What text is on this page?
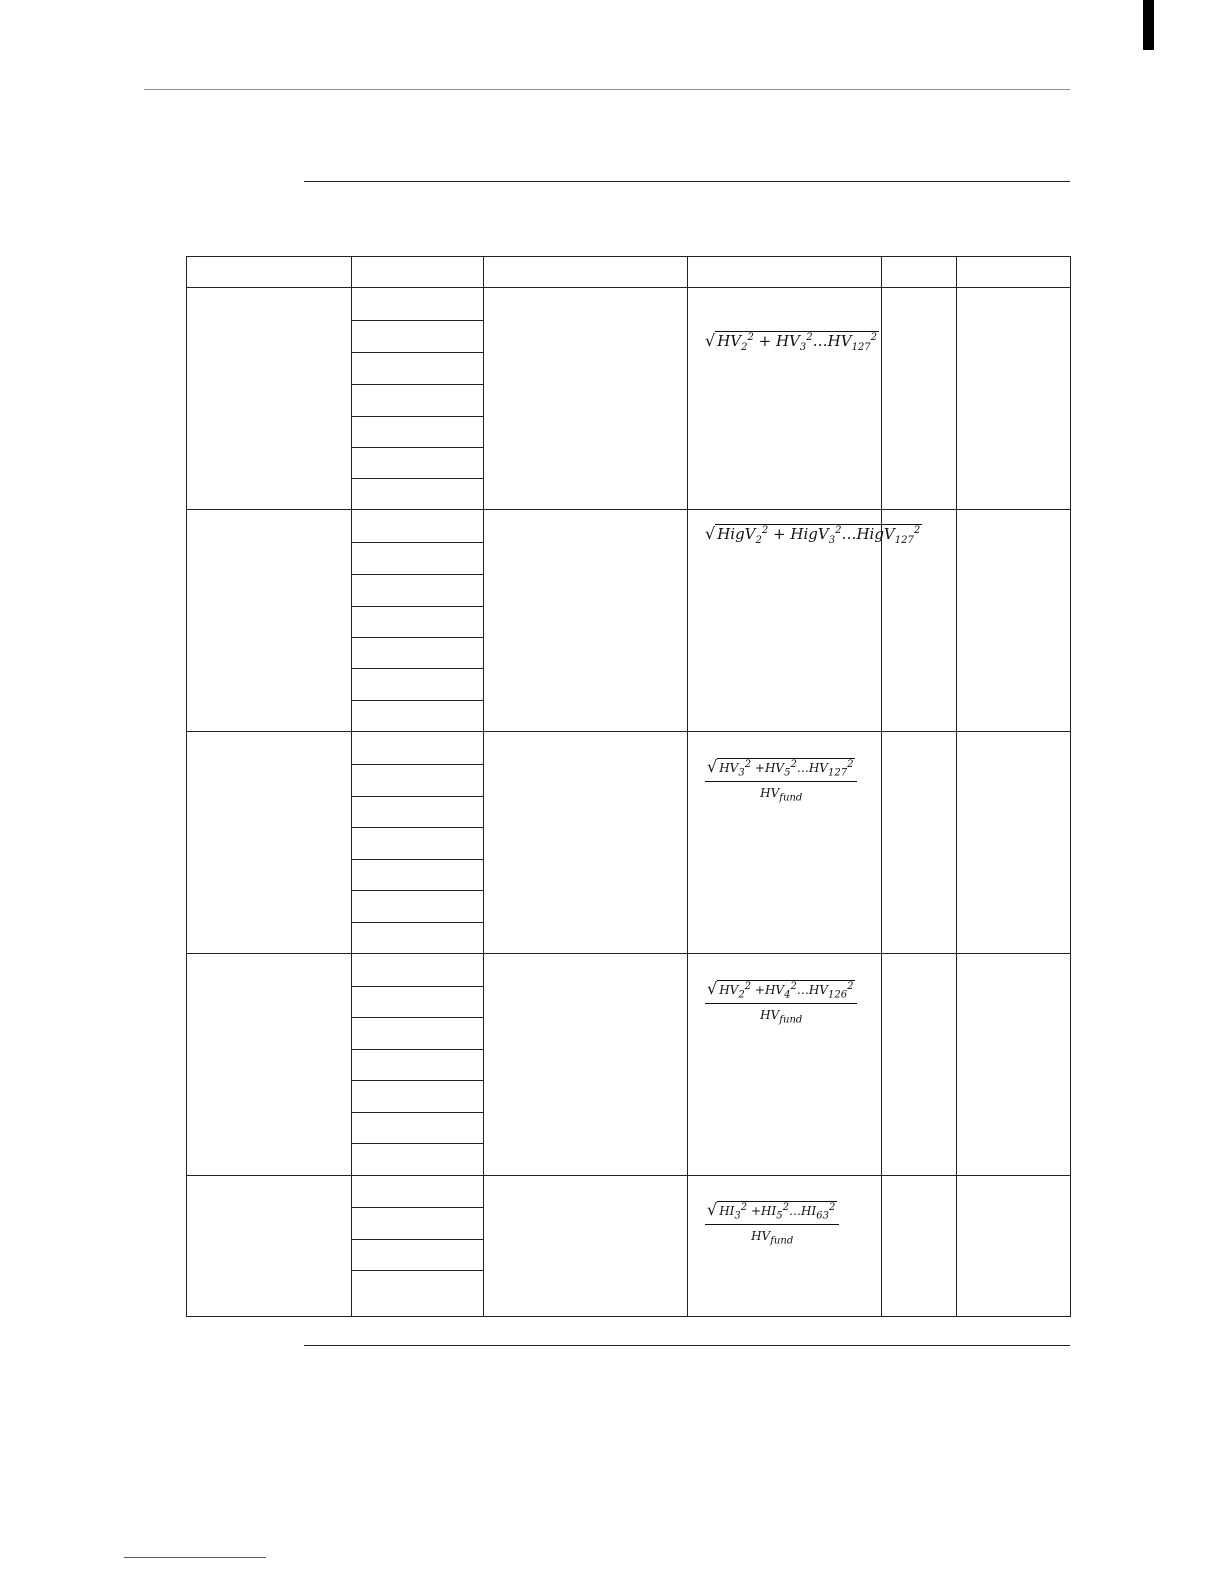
√ $HV_2^2$ + $HV_3^2\dots HV_{127}^2$
√ HigV$_2^2$ + HigV$_3^2$…HigV$_{127}^2$
$\frac{√ HV_3^2 +HV_5^2\dots HV_{127}^2}{HV_{fund}}$
$\frac{√ HV_2^2 +HV_4^2\dots HV_{126}^2}{HV_{fund}}$
$\frac{√ HI_3^2 +HI_5^2\dots HI_{63}^2}{HV_{fund}}$
